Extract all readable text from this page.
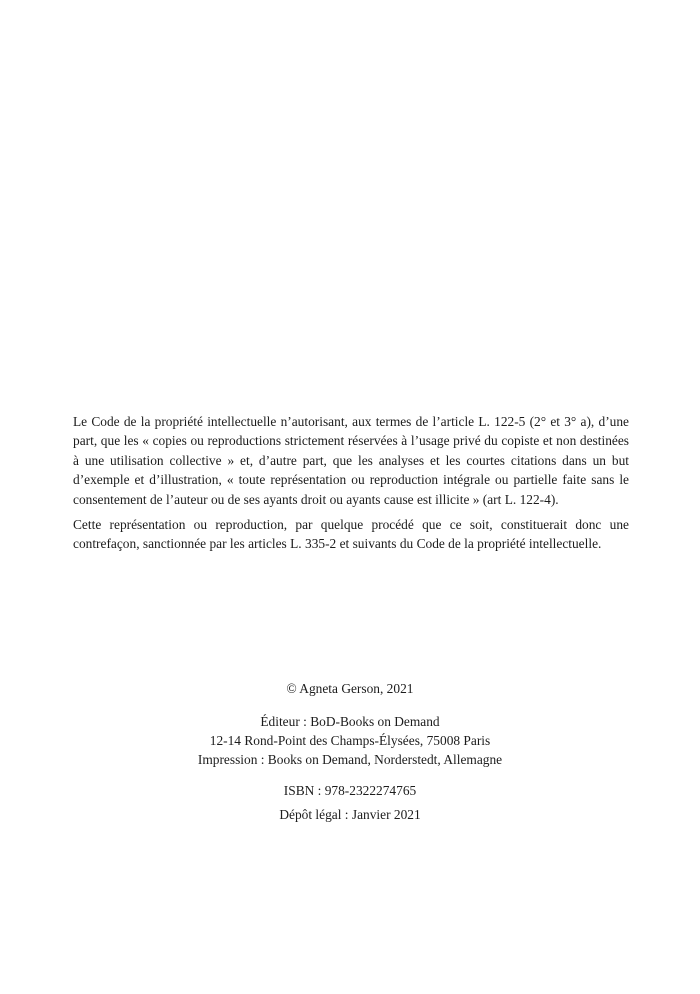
Le Code de la propriété intellectuelle n’autorisant, aux termes de l’article L. 122-5 (2° et 3° a), d’une part, que les « copies ou reproductions strictement réservées à l’usage privé du copiste et non destinées à une utilisation collective » et, d’autre part, que les analyses et les courtes citations dans un but d’exemple et d’illustration, « toute représentation ou reproduction intégrale ou partielle faite sans le consentement de l’auteur ou de ses ayants droit ou ayants cause est illicite » (art L. 122-4).

Cette représentation ou reproduction, par quelque procédé que ce soit, constituerait donc une contrefaçon, sanctionnée par les articles L. 335-2 et suivants du Code de la propriété intellectuelle.

© Agneta Gerson, 2021
Éditeur : BoD-Books on Demand
12-14 Rond-Point des Champs-Élysées, 75008 Paris
Impression : Books on Demand, Norderstedt, Allemagne
ISBN : 978-2322274765
Dépôt légal : Janvier 2021
